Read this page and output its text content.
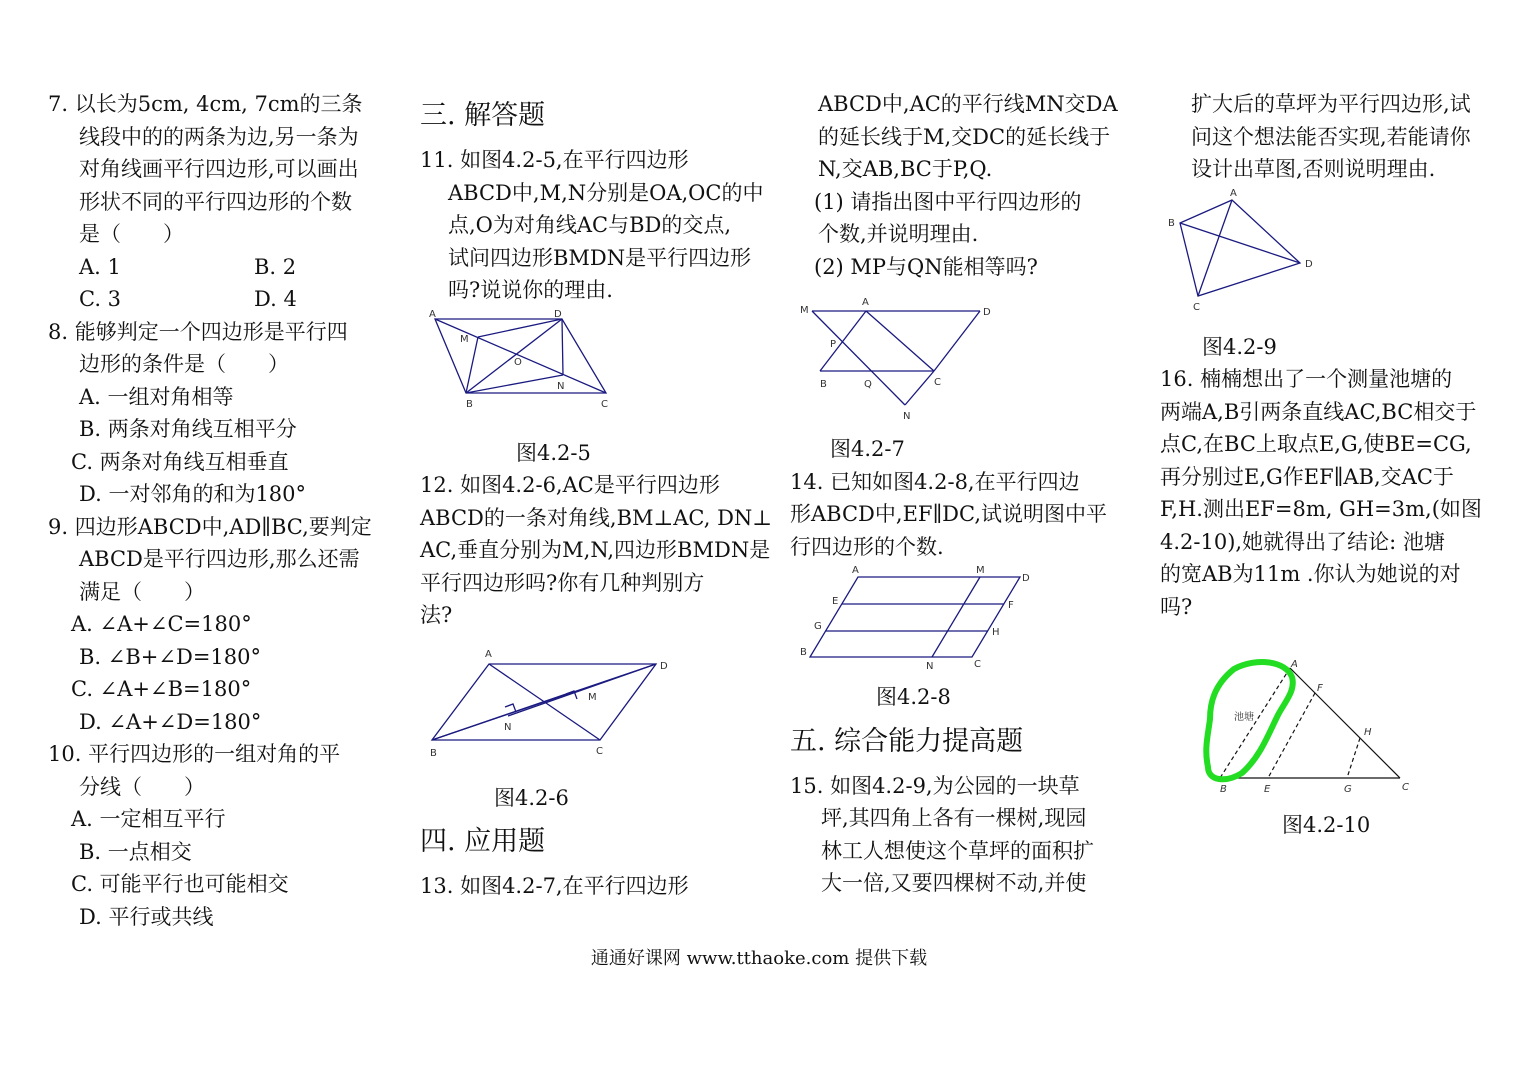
7. 以长为5cm, 4cm, 7cm的三条
线段中的的两条为边,另一条为
对角线画平行四边形,可以画出
形状不同的平行四边形的个数
是（　　）
A. 1	B. 2
C. 3	D. 4
8. 能够判定一个四边形是平行四
边形的条件是（　　）
A. 一组对角相等
B. 两条对角线互相平分
C. 两条对角线互相垂直
D. 一对邻角的和为180°
9. 四边形ABCD中,AD∥BC,要判定
ABCD是平行四边形,那么还需
满足（　　）
A. ∠A+∠C=180°
B. ∠B+∠D=180°
C. ∠A+∠B=180°
D. ∠A+∠D=180°
10. 平行四边形的一组对角的平
分线（　　）
A. 一定相互平行
B. 一点相交
C. 可能平行也可能相交
D. 平行或共线
三. 解答题
11. 如图4.2-5,在平行四边形
ABCD中,M,N分别是OA,OC的中
点,O为对角线AC与BD的交点,
试问四边形BMDN是平行四边形
吗?说说你的理由.
A	D
M
O
N
B	C
图4.2-5
12. 如图4.2-6,AC是平行四边形
ABCD的一条对角线,BM⊥AC, DN⊥
AC,垂直分别为M,N,四边形BMDN是
平行四边形吗?你有几种判别方
法?
A
D
M
N
B	C
图4.2-6
四. 应用题
13. 如图4.2-7,在平行四边形
ABCD中,AC的平行线MN交DA
的延长线于M,交DC的延长线于
N,交AB,BC于P,Q.
(1) 请指出图中平行四边形的
个数,并说明理由.
(2) MP与QN能相等吗?
M
A
D
P
B	Q	C
N
图4.2-7
14. 已知如图4.2-8,在平行四边
形ABCD中,EF∥DC,试说明图中平
行四边形的个数.
A	M
D
E	F
G
H
B
N	C
图4.2-8
五. 综合能力提高题
15. 如图4.2-9,为公园的一块草
坪,其四角上各有一棵树,现园
林工人想使这个草坪的面积扩
大一倍,又要四棵树不动,并使
扩大后的草坪为平行四边形,试
问这个想法能否实现,若能请你
设计出草图,否则说明理由.
A
B
C
D
图4.2-9
16. 楠楠想出了一个测量池塘的
两端A,B引两条直线AC,BC相交于
点C,在BC上取点E,G,使BE=CG,
再分别过E,G作EF∥AB,交AC于
F,H.测出EF=8m, GH=3m,(如图
4.2-10),她就得出了结论: 池塘
的宽AB为11m .你认为她说的对
吗?
池塘
A
F
H
B	E	G	C
图4.2-10
通通好课网 www.tthaoke.com 提供下载
